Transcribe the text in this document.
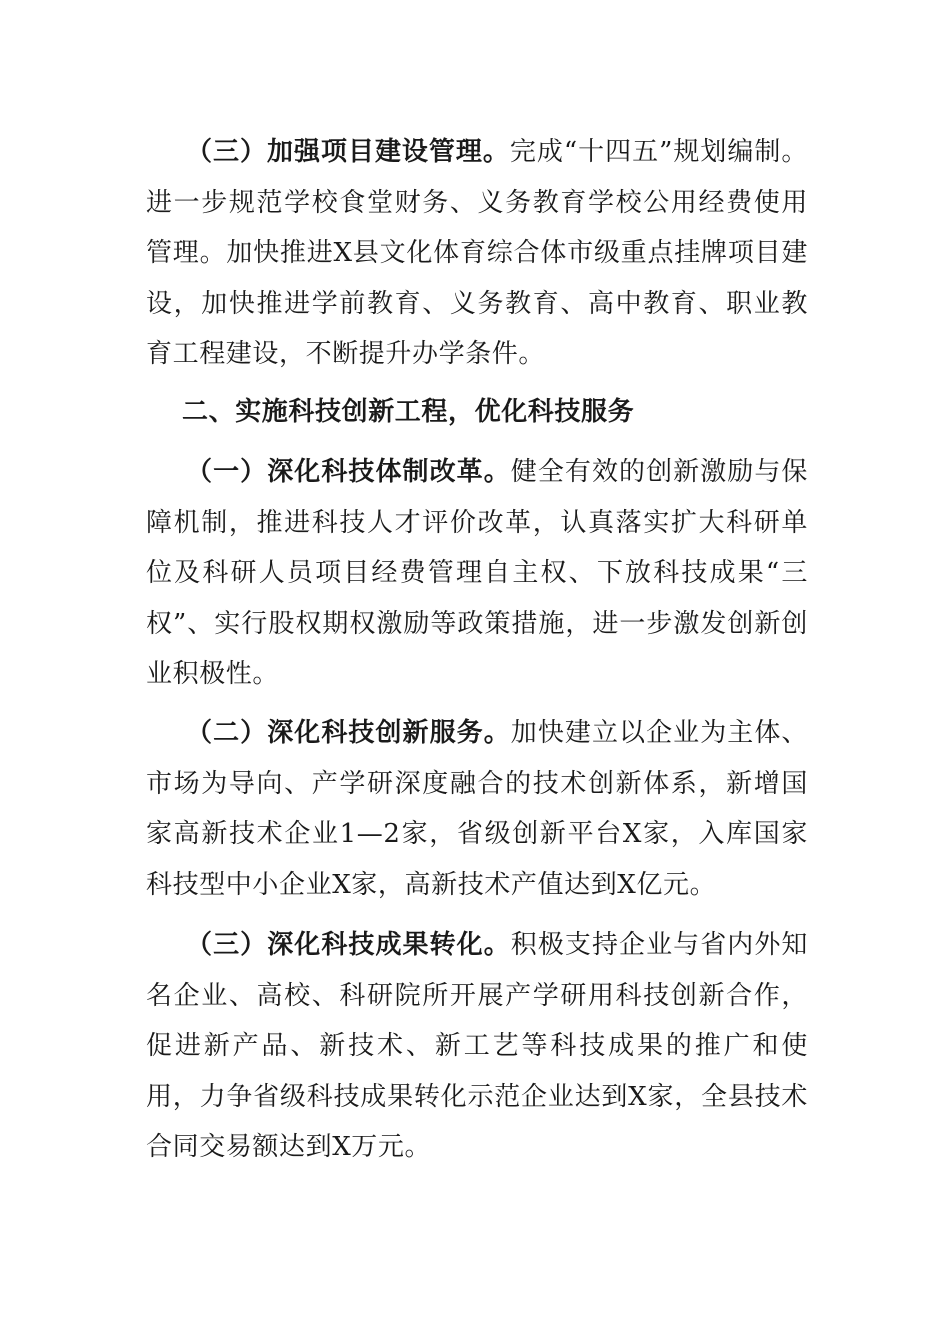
（三）加强项目建设管理。完成“十四五”规划编制。进一步规范学校食堂财务、义务教育学校公用经费使用管理。加快推进X县文化体育综合体市级重点挂牌项目建设，加快推进学前教育、义务教育、高中教育、职业教育工程建设，不断提升办学条件。

二、实施科技创新工程，优化科技服务

（一）深化科技体制改革。健全有效的创新激励与保障机制，推进科技人才评价改革，认真落实扩大科研单位及科研人员项目经费管理自主权、下放科技成果“三权”、实行股权期权激励等政策措施，进一步激发创新创业积极性。

（二）深化科技创新服务。加快建立以企业为主体、市场为导向、产学研深度融合的技术创新体系，新增国家高新技术企业1—2家，省级创新平台X家，入库国家科技型中小企业X家，高新技术产值达到X亿元。

（三）深化科技成果转化。积极支持企业与省内外知名企业、高校、科研院所开展产学研用科技创新合作，促进新产品、新技术、新工艺等科技成果的推广和使用，力争省级科技成果转化示范企业达到X家，全县技术合同交易额达到X万元。
